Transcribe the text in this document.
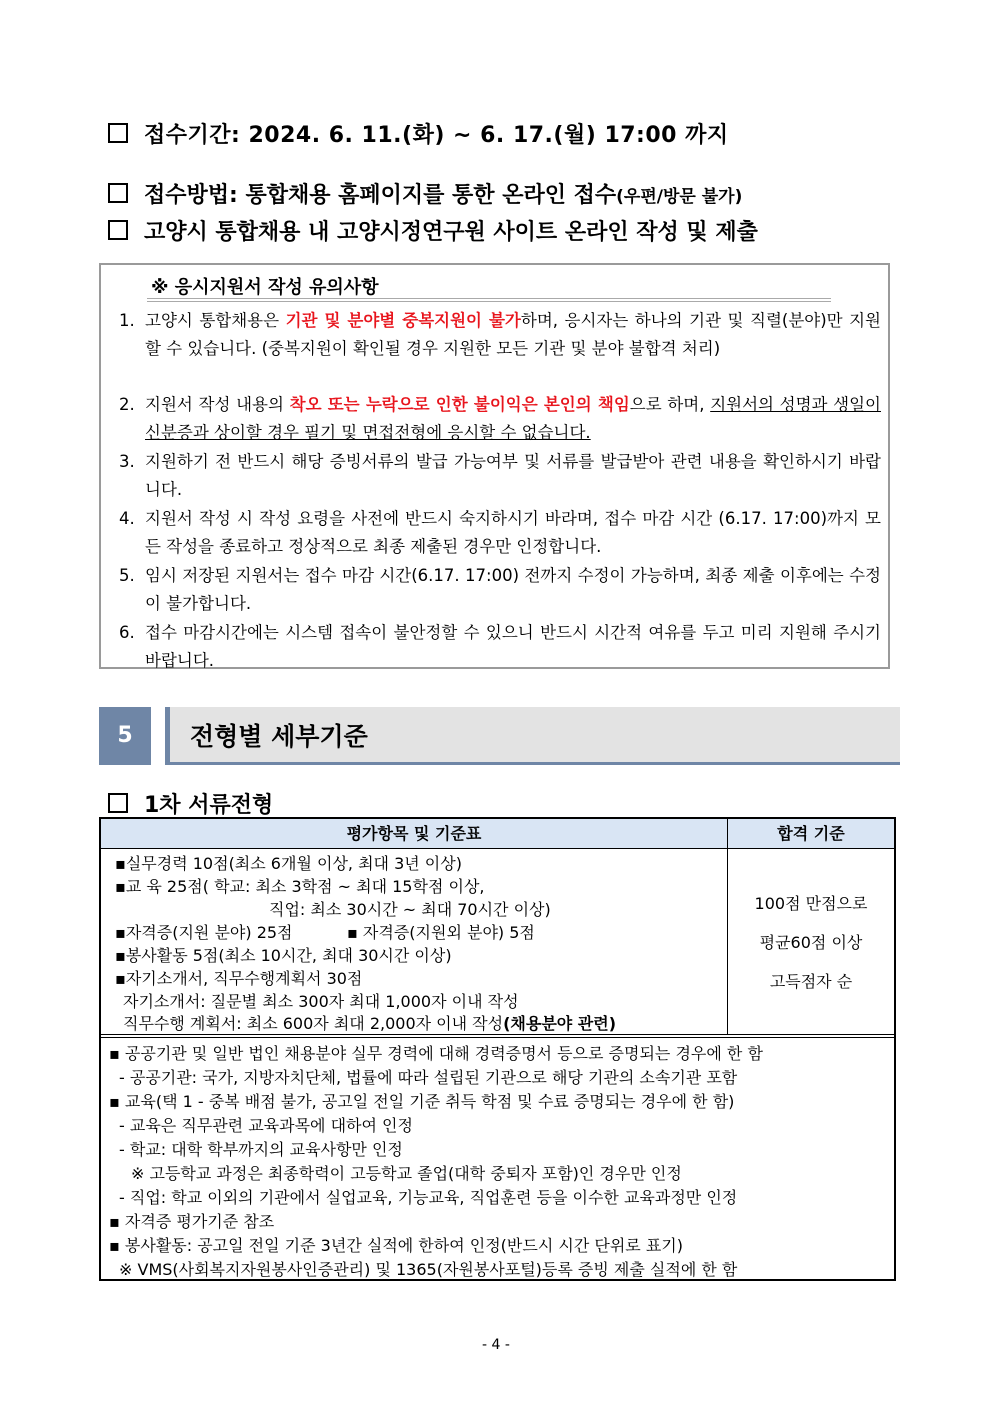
접수기간: 2024. 6. 11.(화) ~ 6. 17.(월) 17:00 까지
접수방법: 통합채용 홈페이지를 통한 온라인 접수(우편/방문 불가)
고양시 통합채용 내 고양시정연구원 사이트 온라인 작성 및 제출
※ 응시지원서 작성 유의사항
1. 고양시 통합채용은 기관 및 분야별 중복지원이 불가하며, 응시자는 하나의 기관 및 직렬(분야)만 지원할 수 있습니다. (중복지원이 확인될 경우 지원한 모든 기관 및 분야 불합격 처리)
2. 지원서 작성 내용의 착오 또는 누락으로 인한 불이익은 본인의 책임으로 하며, 지원서의 성명과 생일이 신분증과 상이할 경우 필기 및 면접전형에 응시할 수 없습니다.
3. 지원하기 전 반드시 해당 증빙서류의 발급 가능여부 및 서류를 발급받아 관련 내용을 확인하시기 바랍니다.
4. 지원서 작성 시 작성 요령을 사전에 반드시 숙지하시기 바라며, 접수 마감 시간 (6.17. 17:00)까지 모든 작성을 종료하고 정상적으로 최종 제출된 경우만 인정합니다.
5. 임시 저장된 지원서는 접수 마감 시간(6.17. 17:00) 전까지 수정이 가능하며, 최종 제출 이후에는 수정이 불가합니다.
6. 접수 마감시간에는 시스템 접속이 불안정할 수 있으니 반드시 시간적 여유를 두고 미리 지원해 주시기 바랍니다.
5	전형별 세부기준
1차 서류전형
평가항목 및 기준표	합격 기준
▪실무경력 10점(최소 6개월 이상, 최대 3년 이상)
▪교 육 25점( 학교: 최소 3학점 ~ 최대 15학점 이상,
직업: 최소 30시간 ~ 최대 70시간 이상)
▪자격증(지원 분야) 25점	▪ 자격증(지원외 분야) 5점
▪봉사활동 5점(최소 10시간, 최대 30시간 이상)
▪자기소개서, 직무수행계획서 30점
자기소개서: 질문별 최소 300자 최대 1,000자 이내 작성
직무수행 계획서: 최소 600자 최대 2,000자 이내 작성(채용분야 관련)
100점 만점으로
평균60점 이상
고득점자 순
▪ 공공기관 및 일반 법인 채용분야 실무 경력에 대해 경력증명서 등으로 증명되는 경우에 한 함
- 공공기관: 국가, 지방자치단체, 법률에 따라 설립된 기관으로 해당 기관의 소속기관 포함
▪ 교육(택 1 - 중복 배점 불가, 공고일 전일 기준 취득 학점 및 수료 증명되는 경우에 한 함)
- 교육은 직무관련 교육과목에 대하여 인정
- 학교: 대학 학부까지의 교육사항만 인정
※ 고등학교 과정은 최종학력이 고등학교 졸업(대학 중퇴자 포함)인 경우만 인정
- 직업: 학교 이외의 기관에서 실업교육, 기능교육, 직업훈련 등을 이수한 교육과정만 인정
▪ 자격증 평가기준 참조
▪ 봉사활동: 공고일 전일 기준 3년간 실적에 한하여 인정(반드시 시간 단위로 표기)
※ VMS(사회복지자원봉사인증관리) 및 1365(자원봉사포털)등록 증빙 제출 실적에 한 함
- 4 -
